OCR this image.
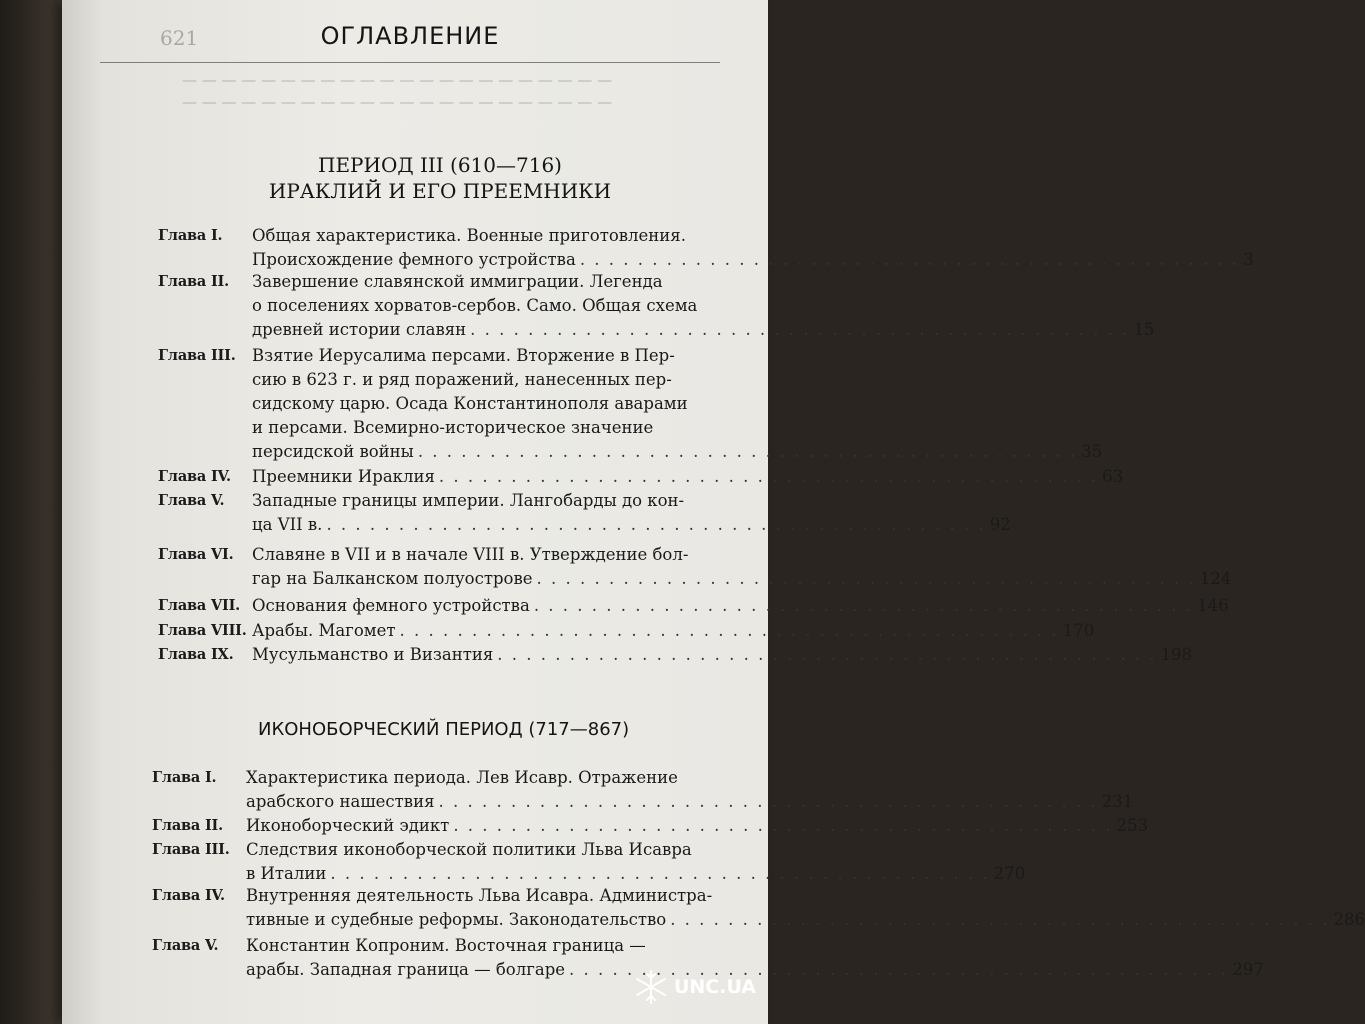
— — — — — — — — — — — — — — — — — — — — — —
— — — — — — — — — — — — — — — — — — — — — —
621	ОГЛАВЛЕНИЕ
ПЕРИОД III (610—716)
ИРАКЛИЙ И ЕГО ПРЕЕМНИКИ
Глава I. Общая характеристика. Военные приготовления.
Происхождение фемного устройства . . . . . . . . . . . . . . . . . . . . . . . . . . . . . . . . . . . . . . . . . . . . . . 3
Глава II. Завершение славянской иммиграции. Легенда
о поселениях хорватов-сербов. Само. Общая схема
древней истории славян . . . . . . . . . . . . . . . . . . . . . . . . . . . . . . . . . . . . . . . . . . . . . . 15
Глава III. Взятие Иерусалима персами. Вторжение в Пер-
сию в 623 г. и ряд поражений, нанесенных пер-
сидскому царю. Осада Константинополя аварами
и персами. Всемирно-историческое значение
персидской войны . . . . . . . . . . . . . . . . . . . . . . . . . . . . . . . . . . . . . . . . . . . . . . 35
Глава IV. Преемники Ираклия . . . . . . . . . . . . . . . . . . . . . . . . . . . . . . . . . . . . . . . . . . . . . . 63
Глава V. Западные границы империи. Лангобарды до кон-
ца VII в. . . . . . . . . . . . . . . . . . . . . . . . . . . . . . . . . . . . . . . . . . . . . . . 92
Глава VI. Славяне в VII и в начале VIII в. Утверждение бол-
гар на Балканском полуострове . . . . . . . . . . . . . . . . . . . . . . . . . . . . . . . . . . . . . . . . . . . . . . 124
Глава VII. Основания фемного устройства . . . . . . . . . . . . . . . . . . . . . . . . . . . . . . . . . . . . . . . . . . . . . . 146
Глава VIII. Арабы. Магомет . . . . . . . . . . . . . . . . . . . . . . . . . . . . . . . . . . . . . . . . . . . . . . 170
Глава IX. Мусульманство и Византия . . . . . . . . . . . . . . . . . . . . . . . . . . . . . . . . . . . . . . . . . . . . . . 198
ИКОНОБОРЧЕСКИЙ ПЕРИОД (717—867)
Глава I. Характеристика периода. Лев Исавр. Отражение
арабского нашествия . . . . . . . . . . . . . . . . . . . . . . . . . . . . . . . . . . . . . . . . . . . . . . 231
Глава II. Иконоборческий эдикт . . . . . . . . . . . . . . . . . . . . . . . . . . . . . . . . . . . . . . . . . . . . . . 253
Глава III. Следствия иконоборческой политики Льва Исавра
в Италии . . . . . . . . . . . . . . . . . . . . . . . . . . . . . . . . . . . . . . . . . . . . . . 270
Глава IV. Внутренняя деятельность Льва Исавра. Администра-
тивные и судебные реформы. Законодательство . . . . . . . . . . . . . . . . . . . . . . . . . . . . . . . . . . . . . . . . . . . . . . 286
Глава V. Константин Копроним. Восточная граница —
арабы. Западная граница — болгаре . . . . . . . . . . . . . . . . . . . . . . . . . . . . . . . . . . . . . . . . . . . . . . 297
UNC.UA
